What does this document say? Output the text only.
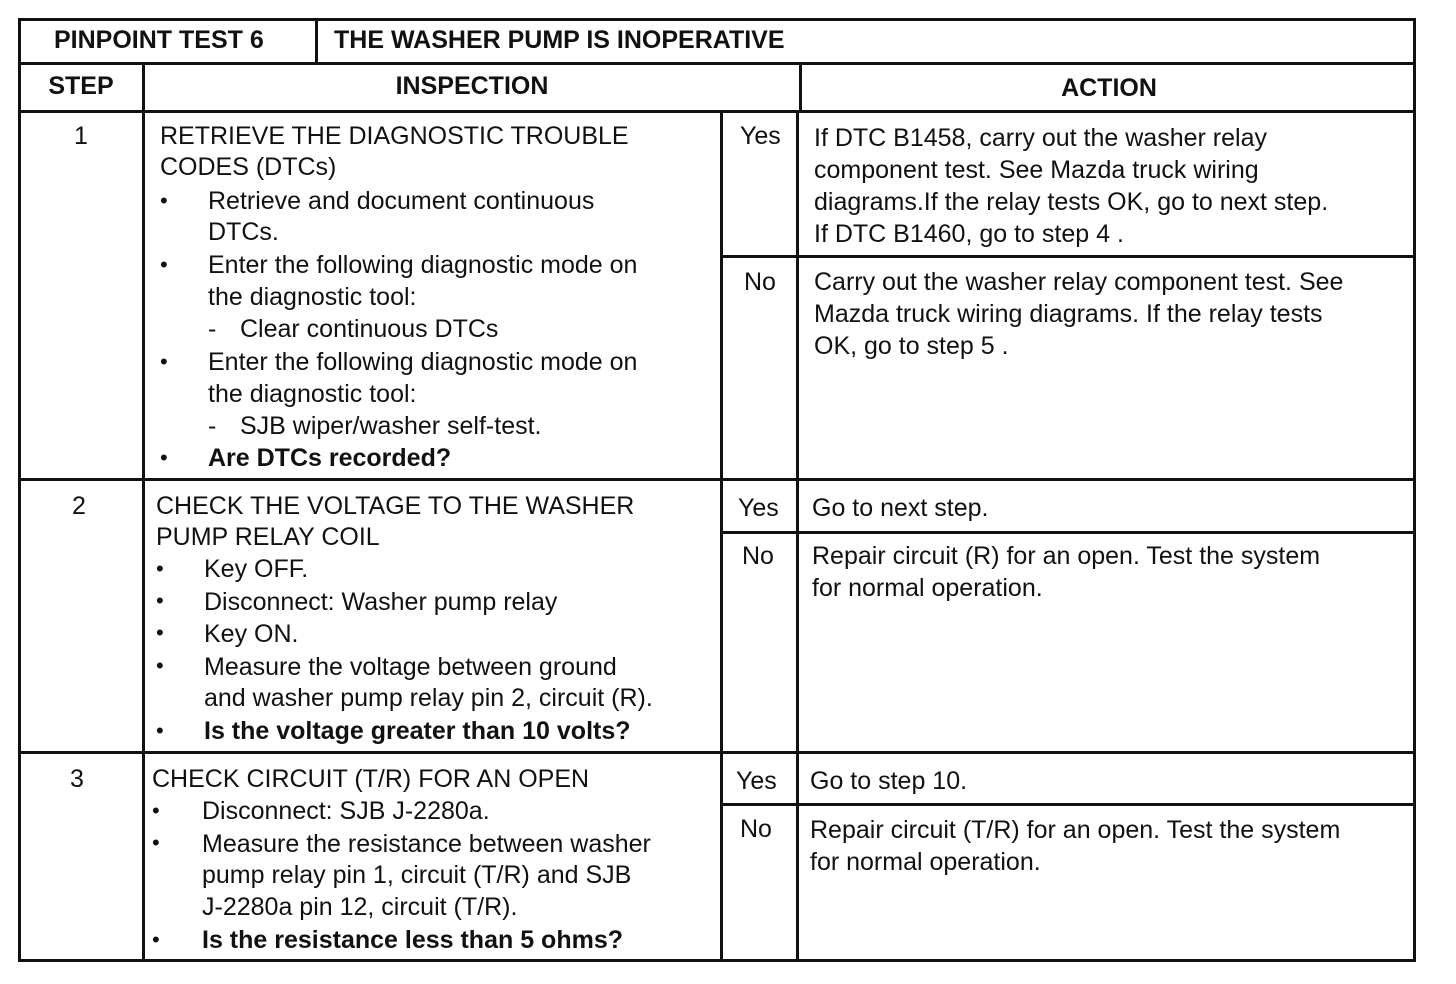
PINPOINT TEST 6	THE WASHER PUMP IS INOPERATIVE
STEP	INSPECTION	ACTION
1	RETRIEVE THE DIAGNOSTIC TROUBLE
CODES (DTCs)
• Retrieve and document continuous
DTCs.
• Enter the following diagnostic mode on
the diagnostic tool:
- Clear continuous DTCs
• Enter the following diagnostic mode on
the diagnostic tool:
- SJB wiper/washer self-test.
• Are DTCs recorded?
Yes If DTC B1458, carry out the washer relay
component test. See Mazda truck wiring
diagrams.If the relay tests OK, go to next step.
If DTC B1460, go to step 4 .
No Carry out the washer relay component test. See
Mazda truck wiring diagrams. If the relay tests
OK, go to step 5 .
2	CHECK THE VOLTAGE TO THE WASHER
PUMP RELAY COIL
• Key OFF.
• Disconnect: Washer pump relay
• Key ON.
• Measure the voltage between ground
and washer pump relay pin 2, circuit (R).
• Is the voltage greater than 10 volts?
Yes Go to next step.
No Repair circuit (R) for an open. Test the system
for normal operation.
3	CHECK CIRCUIT (T/R) FOR AN OPEN
• Disconnect: SJB J-2280a.
• Measure the resistance between washer
pump relay pin 1, circuit (T/R) and SJB
J-2280a pin 12, circuit (T/R).
• Is the resistance less than 5 ohms?
Yes Go to step 10.
No Repair circuit (T/R) for an open. Test the system
for normal operation.
